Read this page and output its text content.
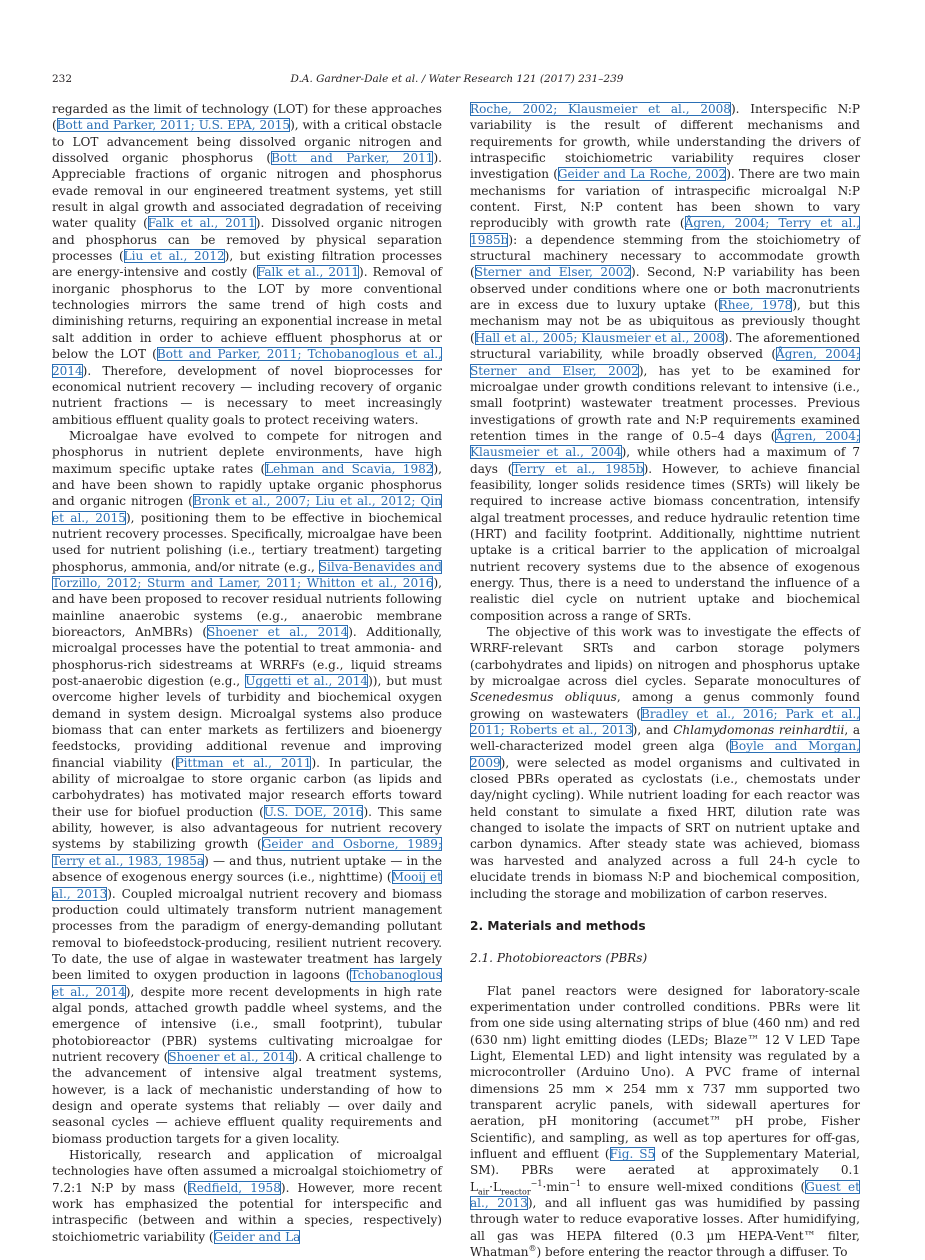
232	D.A. Gardner-Dale et al. / Water Research 121 (2017) 231–239

regarded as the limit of technology (LOT) for these approaches (Bott and Parker, 2011; U.S. EPA, 2015), with a critical obstacle to LOT advancement being dissolved organic nitrogen and dissolved organic phosphorus (Bott and Parker, 2011). Appreciable fractions of organic nitrogen and phosphorus evade removal in our engineered treatment systems, yet still result in algal growth and associated degradation of receiving water quality (Falk et al., 2011). Dissolved organic nitrogen and phosphorus can be removed by physical separation processes (Liu et al., 2012), but existing filtration processes are energy-intensive and costly (Falk et al., 2011). Removal of inorganic phosphorus to the LOT by more conventional technologies mirrors the same trend of high costs and diminishing returns, requiring an exponential increase in metal salt addition in order to achieve effluent phosphorus at or below the LOT (Bott and Parker, 2011; Tchobanoglous et al., 2014). Therefore, development of novel bioprocesses for economical nutrient recovery — including recovery of organic nutrient fractions — is necessary to meet increasingly ambitious effluent quality goals to protect receiving waters.

Microalgae have evolved to compete for nitrogen and phosphorus in nutrient deplete environments, have high maximum specific uptake rates (Lehman and Scavia, 1982), and have been shown to rapidly uptake organic phosphorus and organic nitrogen (Bronk et al., 2007; Liu et al., 2012; Qin et al., 2015), positioning them to be effective in biochemical nutrient recovery processes. Specifically, microalgae have been used for nutrient polishing (i.e., tertiary treatment) targeting phosphorus, ammonia, and/or nitrate (e.g., Silva-Benavides and Torzillo, 2012; Sturm and Lamer, 2011; Whitton et al., 2016), and have been proposed to recover residual nutrients following mainline anaerobic systems (e.g., anaerobic membrane bioreactors, AnMBRs) (Shoener et al., 2014). Additionally, microalgal processes have the potential to treat ammonia- and phosphorus-rich sidestreams at WRRFs (e.g., liquid streams post-anaerobic digestion (e.g., Uggetti et al., 2014)), but must overcome higher levels of turbidity and biochemical oxygen demand in system design. Microalgal systems also produce biomass that can enter markets as fertilizers and bioenergy feedstocks, providing additional revenue and improving financial viability (Pittman et al., 2011). In particular, the ability of microalgae to store organic carbon (as lipids and carbohydrates) has motivated major research efforts toward their use for biofuel production (U.S. DOE, 2016). This same ability, however, is also advantageous for nutrient recovery systems by stabilizing growth (Geider and Osborne, 1989; Terry et al., 1983, 1985a) — and thus, nutrient uptake — in the absence of exogenous energy sources (i.e., nighttime) (Mooij et al., 2013). Coupled microalgal nutrient recovery and biomass production could ultimately transform nutrient management processes from the paradigm of energy-demanding pollutant removal to biofeedstock-producing, resilient nutrient recovery. To date, the use of algae in wastewater treatment has largely been limited to oxygen production in lagoons (Tchobanoglous et al., 2014), despite more recent developments in high rate algal ponds, attached growth paddle wheel systems, and the emergence of intensive (i.e., small footprint), tubular photobioreactor (PBR) systems cultivating microalgae for nutrient recovery (Shoener et al., 2014). A critical challenge to the advancement of intensive algal treatment systems, however, is a lack of mechanistic understanding of how to design and operate systems that reliably — over daily and seasonal cycles — achieve effluent quality requirements and biomass production targets for a given locality.

Historically, research and application of microalgal technologies have often assumed a microalgal stoichiometry of 7.2:1 N:P by mass (Redfield, 1958). However, more recent work has emphasized the potential for interspecific and intraspecific (between and within a species, respectively) stoichiometric variability (Geider and La

Roche, 2002; Klausmeier et al., 2008). Interspecific N:P variability is the result of different mechanisms and requirements for growth, while understanding the drivers of intraspecific stoichiometric variability requires closer investigation (Geider and La Roche, 2002). There are two main mechanisms for variation of intraspecific microalgal N:P content. First, N:P content has been shown to vary reproducibly with growth rate (Ågren, 2004; Terry et al., 1985b): a dependence stemming from the stoichiometry of structural machinery necessary to accommodate growth (Sterner and Elser, 2002). Second, N:P variability has been observed under conditions where one or both macronutrients are in excess due to luxury uptake (Rhee, 1978), but this mechanism may not be as ubiquitous as previously thought (Hall et al., 2005; Klausmeier et al., 2008). The aforementioned structural variability, while broadly observed (Ågren, 2004; Sterner and Elser, 2002), has yet to be examined for microalgae under growth conditions relevant to intensive (i.e., small footprint) wastewater treatment processes. Previous investigations of growth rate and N:P requirements examined retention times in the range of 0.5–4 days (Ågren, 2004; Klausmeier et al., 2004), while others had a maximum of 7 days (Terry et al., 1985b). However, to achieve financial feasibility, longer solids residence times (SRTs) will likely be required to increase active biomass concentration, intensify algal treatment processes, and reduce hydraulic retention time (HRT) and facility footprint. Additionally, nighttime nutrient uptake is a critical barrier to the application of microalgal nutrient recovery systems due to the absence of exogenous energy. Thus, there is a need to understand the influence of a realistic diel cycle on nutrient uptake and biochemical composition across a range of SRTs.

The objective of this work was to investigate the effects of WRRF-relevant SRTs and carbon storage polymers (carbohydrates and lipids) on nitrogen and phosphorus uptake by microalgae across diel cycles. Separate monocultures of Scenedesmus obliquus, among a genus commonly found growing on wastewaters (Bradley et al., 2016; Park et al., 2011; Roberts et al., 2013), and Chlamydomonas reinhardtii, a well-characterized model green alga (Boyle and Morgan, 2009), were selected as model organisms and cultivated in closed PBRs operated as cyclostats (i.e., chemostats under day/night cycling). While nutrient loading for each reactor was held constant to simulate a fixed HRT, dilution rate was changed to isolate the impacts of SRT on nutrient uptake and carbon dynamics. After steady state was achieved, biomass was harvested and analyzed across a full 24-h cycle to elucidate trends in biomass N:P and biochemical composition, including the storage and mobilization of carbon reserves.

2. Materials and methods

2.1. Photobioreactors (PBRs)

Flat panel reactors were designed for laboratory-scale experimentation under controlled conditions. PBRs were lit from one side using alternating strips of blue (460 nm) and red (630 nm) light emitting diodes (LEDs; Blaze™ 12 V LED Tape Light, Elemental LED) and light intensity was regulated by a microcontroller (Arduino Uno). A PVC frame of internal dimensions 25 mm × 254 mm x 737 mm supported two transparent acrylic panels, with sidewall apertures for aeration, pH monitoring (accumet™ pH probe, Fisher Scientific), and sampling, as well as top apertures for off-gas, influent and effluent (Fig. S5 of the Supplementary Material, SM). PBRs were aerated at approximately 0.1 $L_{air}\cdot L_{reactor}^{-1}\cdot\min^{-1}$ to ensure well-mixed conditions (Guest et al., 2013), and all influent gas was humidified by passing through water to reduce evaporative losses. After humidifying, all gas was HEPA filtered (0.3 µm HEPA-Vent™ filter, Whatman®) before entering the reactor through a diffuser. To
